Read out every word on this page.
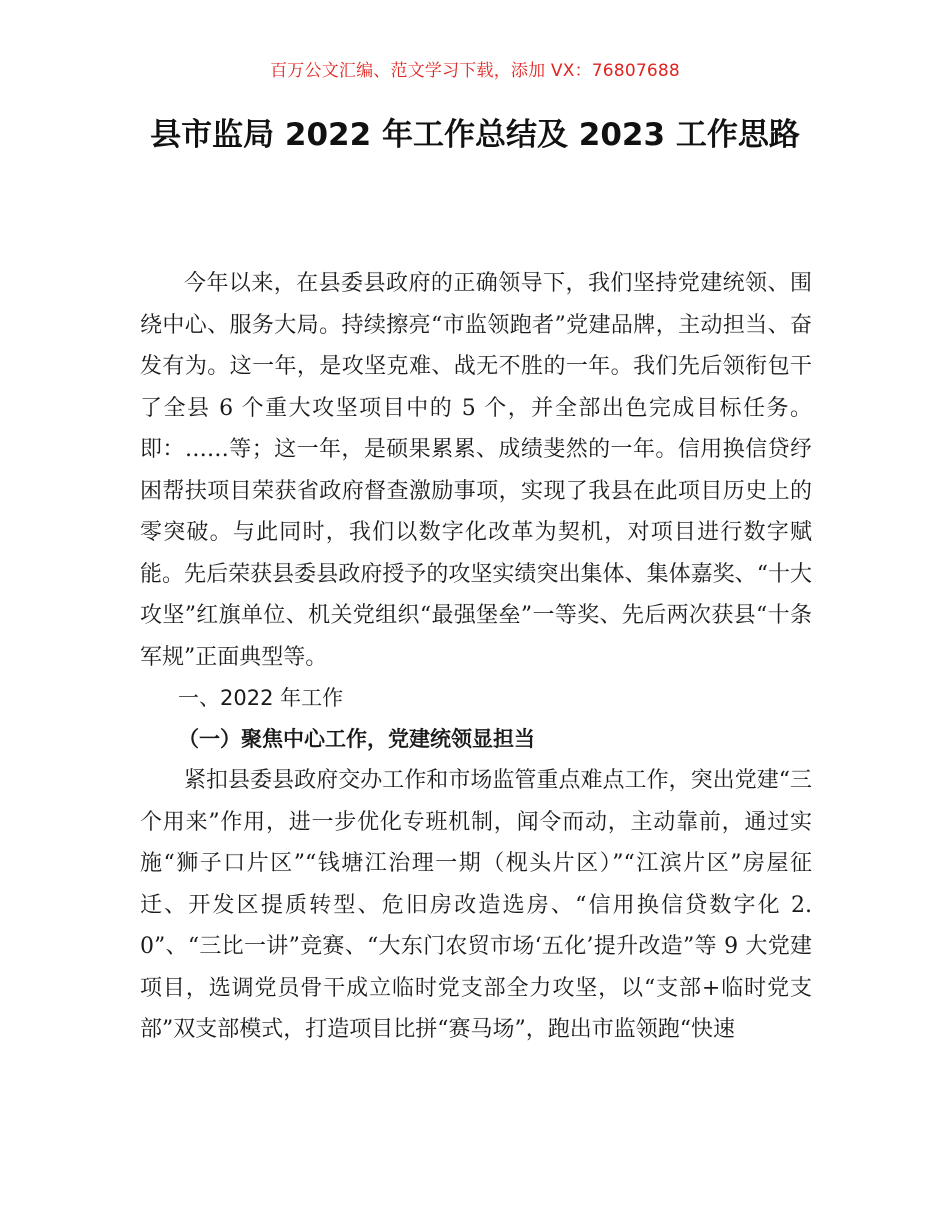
百万公文汇编、范文学习下载，添加 VX：76807688
县市监局 2022 年工作总结及 2023 工作思路

今年以来，在县委县政府的正确领导下，我们坚持党建统领、围绕中心、服务大局。持续擦亮“市监领跑者”党建品牌，主动担当、奋发有为。这一年，是攻坚克难、战无不胜的一年。我们先后领衔包干了全县 6 个重大攻坚项目中的 5 个，并全部出色完成目标任务。即：……等；这一年，是硕果累累、成绩斐然的一年。信用换信贷纾困帮扶项目荣获省政府督查激励事项，实现了我县在此项目历史上的零突破。与此同时，我们以数字化改革为契机，对项目进行数字赋能。先后荣获县委县政府授予的攻坚实绩突出集体、集体嘉奖、“十大攻坚”红旗单位、机关党组织“最强堡垒”一等奖、先后两次获县“十条军规”正面典型等。

一、2022 年工作

（一）聚焦中心工作，党建统领显担当

紧扣县委县政府交办工作和市场监管重点难点工作，突出党建“三个用来”作用，进一步优化专班机制，闻令而动，主动靠前，通过实施“狮子口片区”“钱塘江治理一期（枧头片区）”“江滨片区”房屋征迁、开发区提质转型、危旧房改造选房、“信用换信贷数字化 2.0”、“三比一讲”竞赛、“大东门农贸市场‘五化’提升改造”等 9 大党建项目，选调党员骨干成立临时党支部全力攻坚，以“支部+临时党支部”双支部模式，打造项目比拼“赛马场”，跑出市监领跑“快速
